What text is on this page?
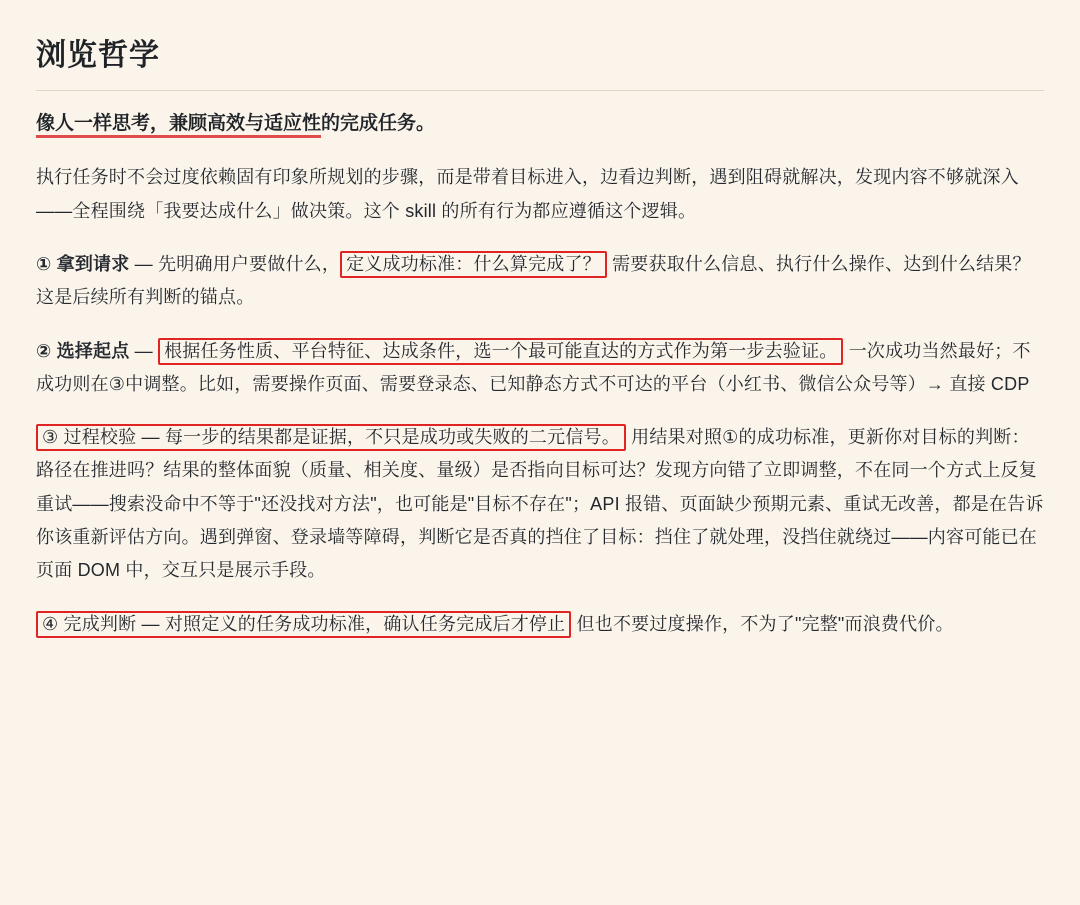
浏览哲学

像人一样思考，兼顾高效与适应性的完成任务。

执行任务时不会过度依赖固有印象所规划的步骤，而是带着目标进入，边看边判断，遇到阻碍就解决，发现内容不够就深入——全程围绕「我要达成什么」做决策。这个 skill 的所有行为都应遵循这个逻辑。

① 拿到请求 — 先明确用户要做什么， 定义成功标准：什么算完成了？ 需要获取什么信息、执行什么操作、达到什么结果？这是后续所有判断的锚点。

② 选择起点 — 根据任务性质、平台特征、达成条件，选一个最可能直达的方式作为第一步去验证。 一次成功当然最好；不成功则在③中调整。比如，需要操作页面、需要登录态、已知静态方式不可达的平台（小红书、微信公众号等）→ 直接 CDP

③ 过程校验 — 每一步的结果都是证据，不只是成功或失败的二元信号。 用结果对照①的成功标准，更新你对目标的判断：路径在推进吗？结果的整体面貌（质量、相关度、量级）是否指向目标可达？发现方向错了立即调整，不在同一个方式上反复重试——搜索没命中不等于"还没找对方法"，也可能是"目标不存在"；API 报错、页面缺少预期元素、重试无改善，都是在告诉你该重新评估方向。遇到弹窗、登录墙等障碍，判断它是否真的挡住了目标：挡住了就处理，没挡住就绕过——内容可能已在页面 DOM 中，交互只是展示手段。

④ 完成判断 — 对照定义的任务成功标准，确认任务完成后才停止 但也不要过度操作，不为了"完整"而浪费代价。
